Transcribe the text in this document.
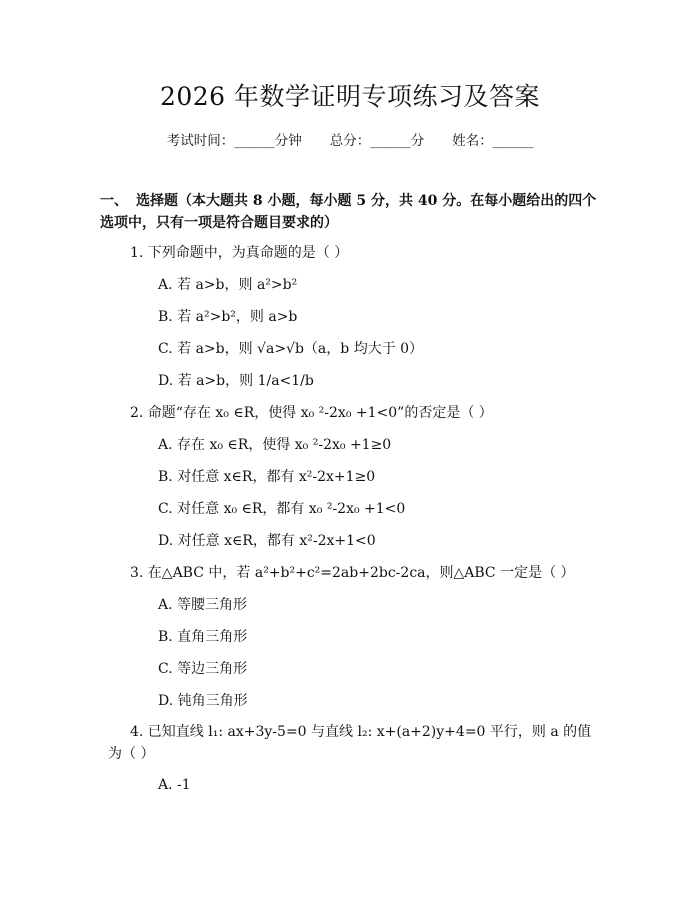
2026 年数学证明专项练习及答案
考试时间：______分钟 总分：______分 姓名：______
一、 选择题（本大题共 8 小题，每小题 5 分，共 40 分。在每小题给出的四个选项中，只有一项是符合题目要求的）
1. 下列命题中，为真命题的是（ ）
A. 若 a>b，则 a²>b²
B. 若 a²>b²，则 a>b
C. 若 a>b，则 √a>√b（a，b 均大于 0）
D. 若 a>b，则 1/a<1/b
2. 命题“存在 x₀ ∈R，使得 x₀ ²-2x₀ +1<0”的否定是（ ）
A. 存在 x₀ ∈R，使得 x₀ ²-2x₀ +1≥0
B. 对任意 x∈R，都有 x²-2x+1≥0
C. 对任意 x₀ ∈R，都有 x₀ ²-2x₀ +1<0
D. 对任意 x∈R，都有 x²-2x+1<0
3. 在△ABC 中，若 a²+b²+c²=2ab+2bc-2ca，则△ABC 一定是（ ）
A. 等腰三角形
B. 直角三角形
C. 等边三角形
D. 钝角三角形
4. 已知直线 l₁: ax+3y-5=0 与直线 l₂: x+(a+2)y+4=0 平行，则 a 的值为（ ）
A. -1
